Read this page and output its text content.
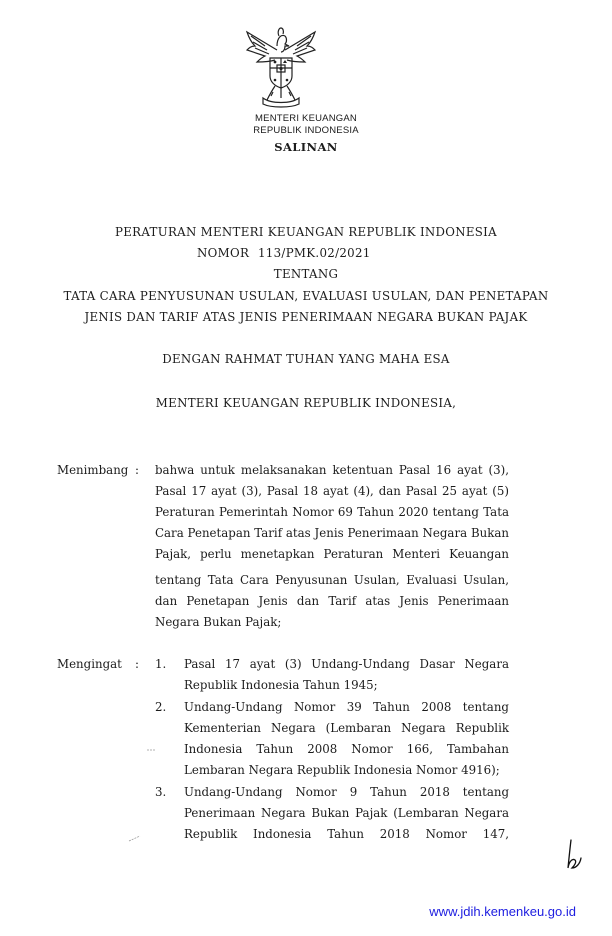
MENTERI KEUANGAN
REPUBLIK INDONESIA
SALINAN
PERATURAN MENTERI KEUANGAN REPUBLIK INDONESIA
NOMOR 113/PMK.02/2021
TENTANG
TATA CARA PENYUSUNAN USULAN, EVALUASI USULAN, DAN PENETAPAN
JENIS DAN TARIF ATAS JENIS PENERIMAAN NEGARA BUKAN PAJAK
DENGAN RAHMAT TUHAN YANG MAHA ESA
MENTERI KEUANGAN REPUBLIK INDONESIA,
Menimbang : bahwa untuk melaksanakan ketentuan Pasal 16 ayat (3),
Pasal 17 ayat (3), Pasal 18 ayat (4), dan Pasal 25 ayat (5)
Peraturan Pemerintah Nomor 69 Tahun 2020 tentang Tata
Cara Penetapan Tarif atas Jenis Penerimaan Negara Bukan
Pajak, perlu menetapkan Peraturan Menteri Keuangan
tentang Tata Cara Penyusunan Usulan, Evaluasi Usulan,
dan Penetapan Jenis dan Tarif atas Jenis Penerimaan
Negara Bukan Pajak;
Mengingat : 1. Pasal 17 ayat (3) Undang-Undang Dasar Negara
Republik Indonesia Tahun 1945;
2. Undang-Undang Nomor 39 Tahun 2008 tentang
Kementerian Negara (Lembaran Negara Republik
Indonesia Tahun 2008 Nomor 166, Tambahan
Lembaran Negara Republik Indonesia Nomor 4916);
3. Undang-Undang Nomor 9 Tahun 2018 tentang
Penerimaan Negara Bukan Pajak (Lembaran Negara
Republik Indonesia Tahun 2018 Nomor 147,
www.jdih.kemenkeu.go.id
